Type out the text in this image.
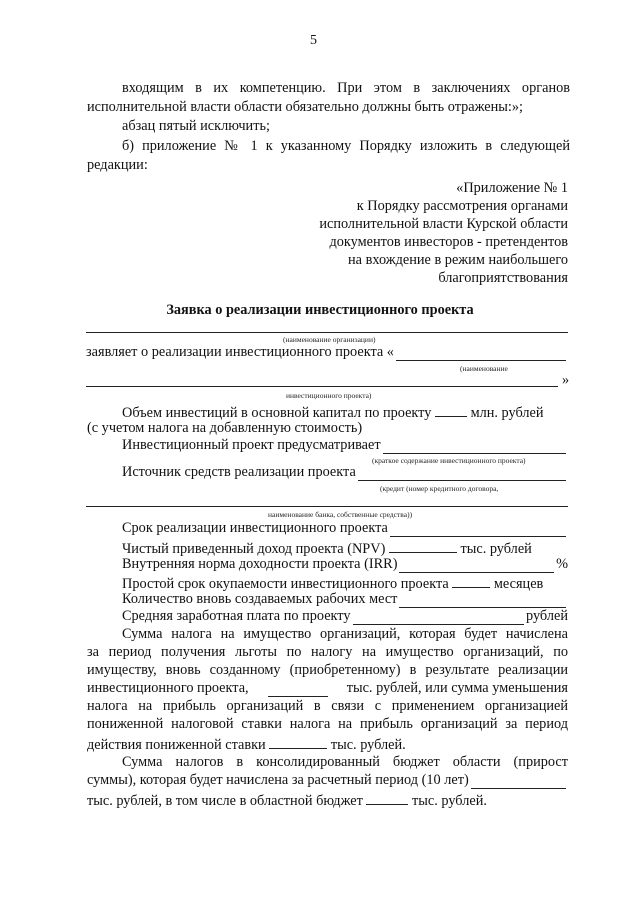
5
входящим в их компетенцию. При этом в заключениях органов
исполнительной власти области обязательно должны быть отражены:»;
абзац пятый исключить;
б) приложение № 1 к указанному Порядку изложить в следующей
редакции:
«Приложение № 1
к Порядку рассмотрения органами
исполнительной власти Курской области
документов инвесторов - претендентов
на вхождение в режим наибольшего
благоприятствования
Заявка о реализации инвестиционного проекта
(наименование организации)
заявляет о реализации инвестиционного проекта «
(наименование
»
инвестиционного проекта)
Объем инвестиций в основной капитал по проекту	млн. рублей
(с учетом налога на добавленную стоимость)
Инвестиционный проект предусматривает
(краткое содержание инвестиционного проекта)
Источник средств реализации проекта
(кредит (номер кредитного договора,
наименование банка, собственные средства))
Срок реализации инвестиционного проекта
Чистый приведенный доход проекта (NPV)	тыс. рублей
Внутренняя норма доходности проекта (IRR)	%
Простой срок окупаемости инвестиционного проекта	месяцев
Количество вновь создаваемых рабочих мест
Средняя заработная плата по проекту	рублей
Сумма налога на имущество организаций, которая будет начислена
за период получения льготы по налогу на имущество организаций, по
имуществу, вновь созданному (приобретенному) в результате реализации
инвестиционного проекта,	тыс. рублей, или сумма уменьшения
налога на прибыль организаций в связи с применением организацией
пониженной налоговой ставки налога на прибыль организаций за период
действия пониженной ставки	тыс. рублей.
Сумма налогов в консолидированный бюджет области (прирост
суммы), которая будет начислена за расчетный период (10 лет)
тыс. рублей, в том числе в областной бюджет	тыс. рублей.
